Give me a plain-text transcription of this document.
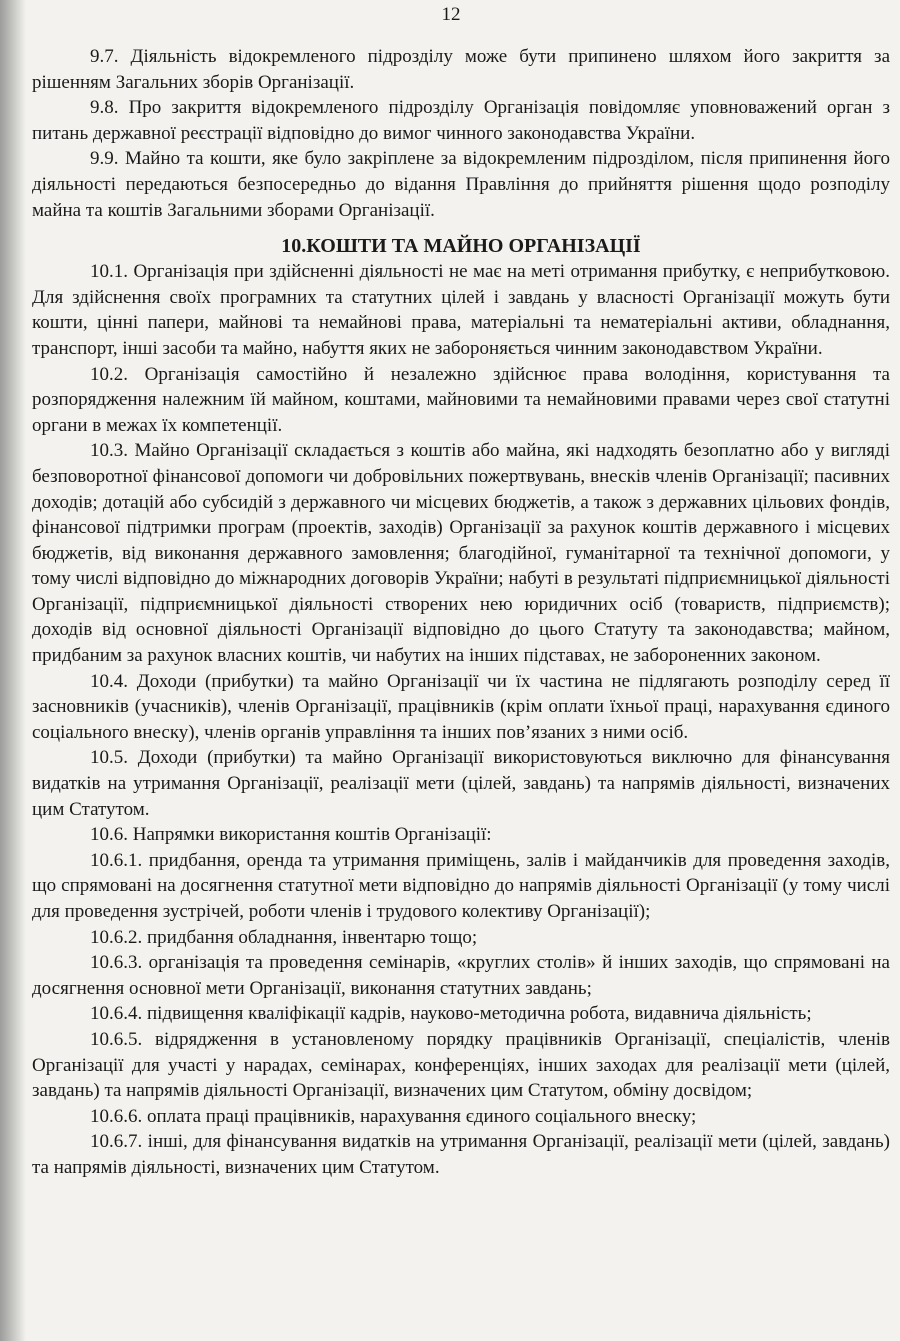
12

9.7. Діяльність відокремленого підрозділу може бути припинено шляхом його закриття за рішенням Загальних зборів Організації.

9.8. Про закриття відокремленого підрозділу Організація повідомляє уповноважений орган з питань державної реєстрації відповідно до вимог чинного законодавства України.

9.9. Майно та кошти, яке було закріплене за відокремленим підрозділом, після припинення його діяльності передаються безпосередньо до відання Правління до прийняття рішення щодо розподілу майна та коштів Загальними зборами Організації.

10.КОШТИ ТА МАЙНО ОРГАНІЗАЦІЇ

10.1. Організація при здійсненні діяльності не має на меті отримання прибутку, є неприбутковою. Для здійснення своїх програмних та статутних цілей і завдань у власності Організації можуть бути кошти, цінні папери, майнові та немайнові права, матеріальні та нематеріальні активи, обладнання, транспорт, інші засоби та майно, набуття яких не забороняється чинним законодавством України.

10.2. Організація самостійно й незалежно здійснює права володіння, користування та розпорядження належним їй майном, коштами, майновими та немайновими правами через свої статутні органи в межах їх компетенції.

10.3. Майно Організації складається з коштів або майна, які надходять безоплатно або у вигляді безповоротної фінансової допомоги чи добровільних пожертвувань, внесків членів Організації; пасивних доходів; дотацій або субсидій з державного чи місцевих бюджетів, а також з державних цільових фондів, фінансової підтримки програм (проектів, заходів) Організації за рахунок коштів державного і місцевих бюджетів, від виконання державного замовлення; благодійної, гуманітарної та технічної допомоги, у тому числі відповідно до міжнародних договорів України; набуті в результаті підприємницької діяльності Організації, підприємницької діяльності створених нею юридичних осіб (товариств, підприємств); доходів від основної діяльності Організації відповідно до цього Статуту та законодавства; майном, придбаним за рахунок власних коштів, чи набутих на інших підставах, не забороненних законом.

10.4. Доходи (прибутки) та майно Організації чи їх частина не підлягають розподілу серед її засновників (учасників), членів Організації, працівників (крім оплати їхньої праці, нарахування єдиного соціального внеску), членів органів управління та інших пов’язаних з ними осіб.

10.5. Доходи (прибутки) та майно Організації використовуються виключно для фінансування видатків на утримання Організації, реалізації мети (цілей, завдань) та напрямів діяльності, визначених цим Статутом.

10.6. Напрямки використання коштів Організації:

10.6.1. придбання, оренда та утримання приміщень, залів і майданчиків для проведення заходів, що спрямовані на досягнення статутної мети відповідно до напрямів діяльності Організації (у тому числі для проведення зустрічей, роботи членів і трудового колективу Організації);

10.6.2. придбання обладнання, інвентарю тощо;

10.6.3. організація та проведення семінарів, «круглих столів» й інших заходів, що спрямовані на досягнення основної мети Організації, виконання статутних завдань;

10.6.4. підвищення кваліфікації кадрів, науково-методична робота, видавнича діяльність;

10.6.5. відрядження в установленому порядку працівників Організації, спеціалістів, членів Організації для участі у нарадах, семінарах, конференціях, інших заходах для реалізації мети (цілей, завдань) та напрямів діяльності Організації, визначених цим Статутом, обміну досвідом;

10.6.6. оплата праці працівників, нарахування єдиного соціального внеску;

10.6.7. інші, для фінансування видатків на утримання Організації, реалізації мети (цілей, завдань) та напрямів діяльності, визначених цим Статутом.
